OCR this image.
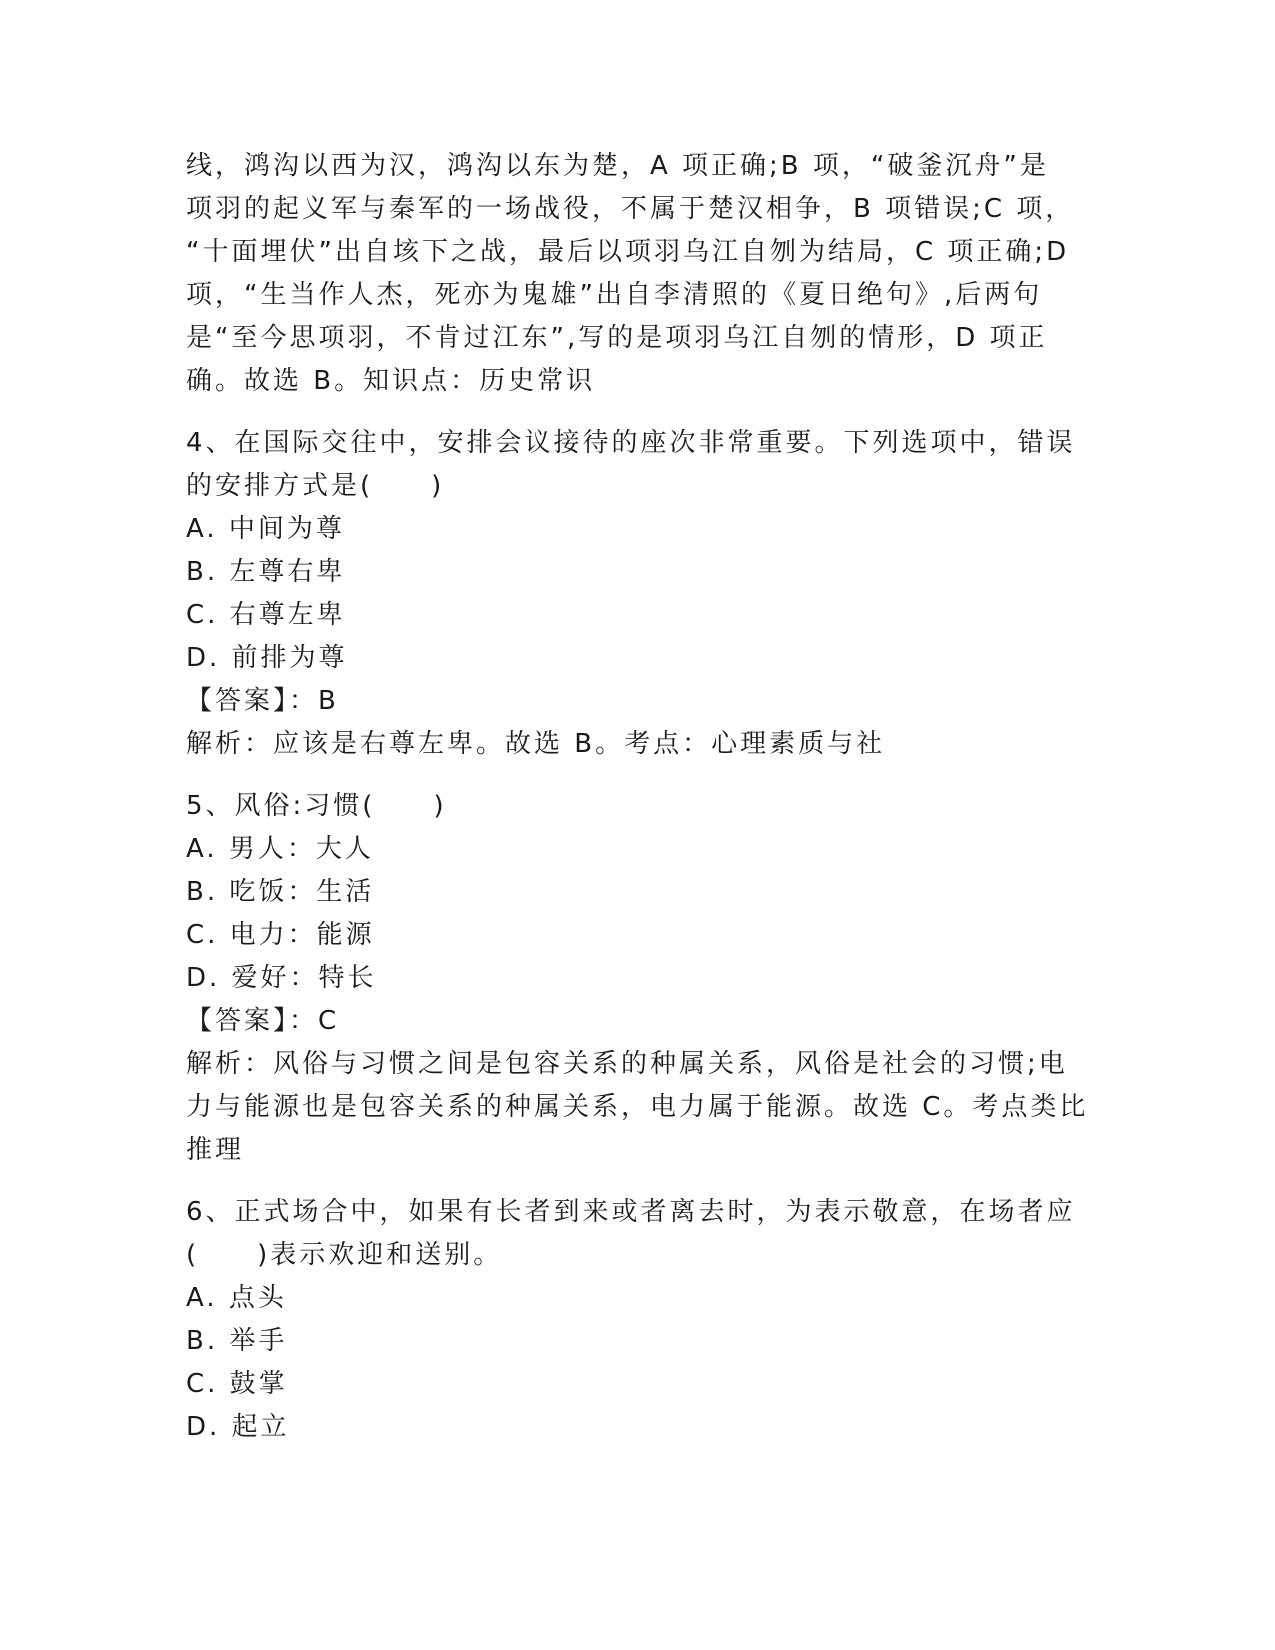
线，鸿沟以西为汉，鸿沟以东为楚，A 项正确;B 项，“破釜沉舟”是
项羽的起义军与秦军的一场战役，不属于楚汉相争，B 项错误;C 项，
“十面埋伏”出自垓下之战，最后以项羽乌江自刎为结局，C 项正确;D
项，“生当作人杰，死亦为鬼雄”出自李清照的《夏日绝句》,后两句
是“至今思项羽，不肯过江东”,写的是项羽乌江自刎的情形，D 项正
确。故选 B。知识点：历史常识
4、在国际交往中，安排会议接待的座次非常重要。下列选项中，错误
的安排方式是(　　)
A. 中间为尊
B. 左尊右卑
C. 右尊左卑
D. 前排为尊
【答案】：B
解析：应该是右尊左卑。故选 B。考点：心理素质与社
5、风俗:习惯(　　)
A. 男人：大人
B. 吃饭：生活
C. 电力：能源
D. 爱好：特长
【答案】：C
解析：风俗与习惯之间是包容关系的种属关系，风俗是社会的习惯;电
力与能源也是包容关系的种属关系，电力属于能源。故选 C。考点类比
推理
6、正式场合中，如果有长者到来或者离去时，为表示敬意，在场者应
(　　)表示欢迎和送别。
A. 点头
B. 举手
C. 鼓掌
D. 起立
